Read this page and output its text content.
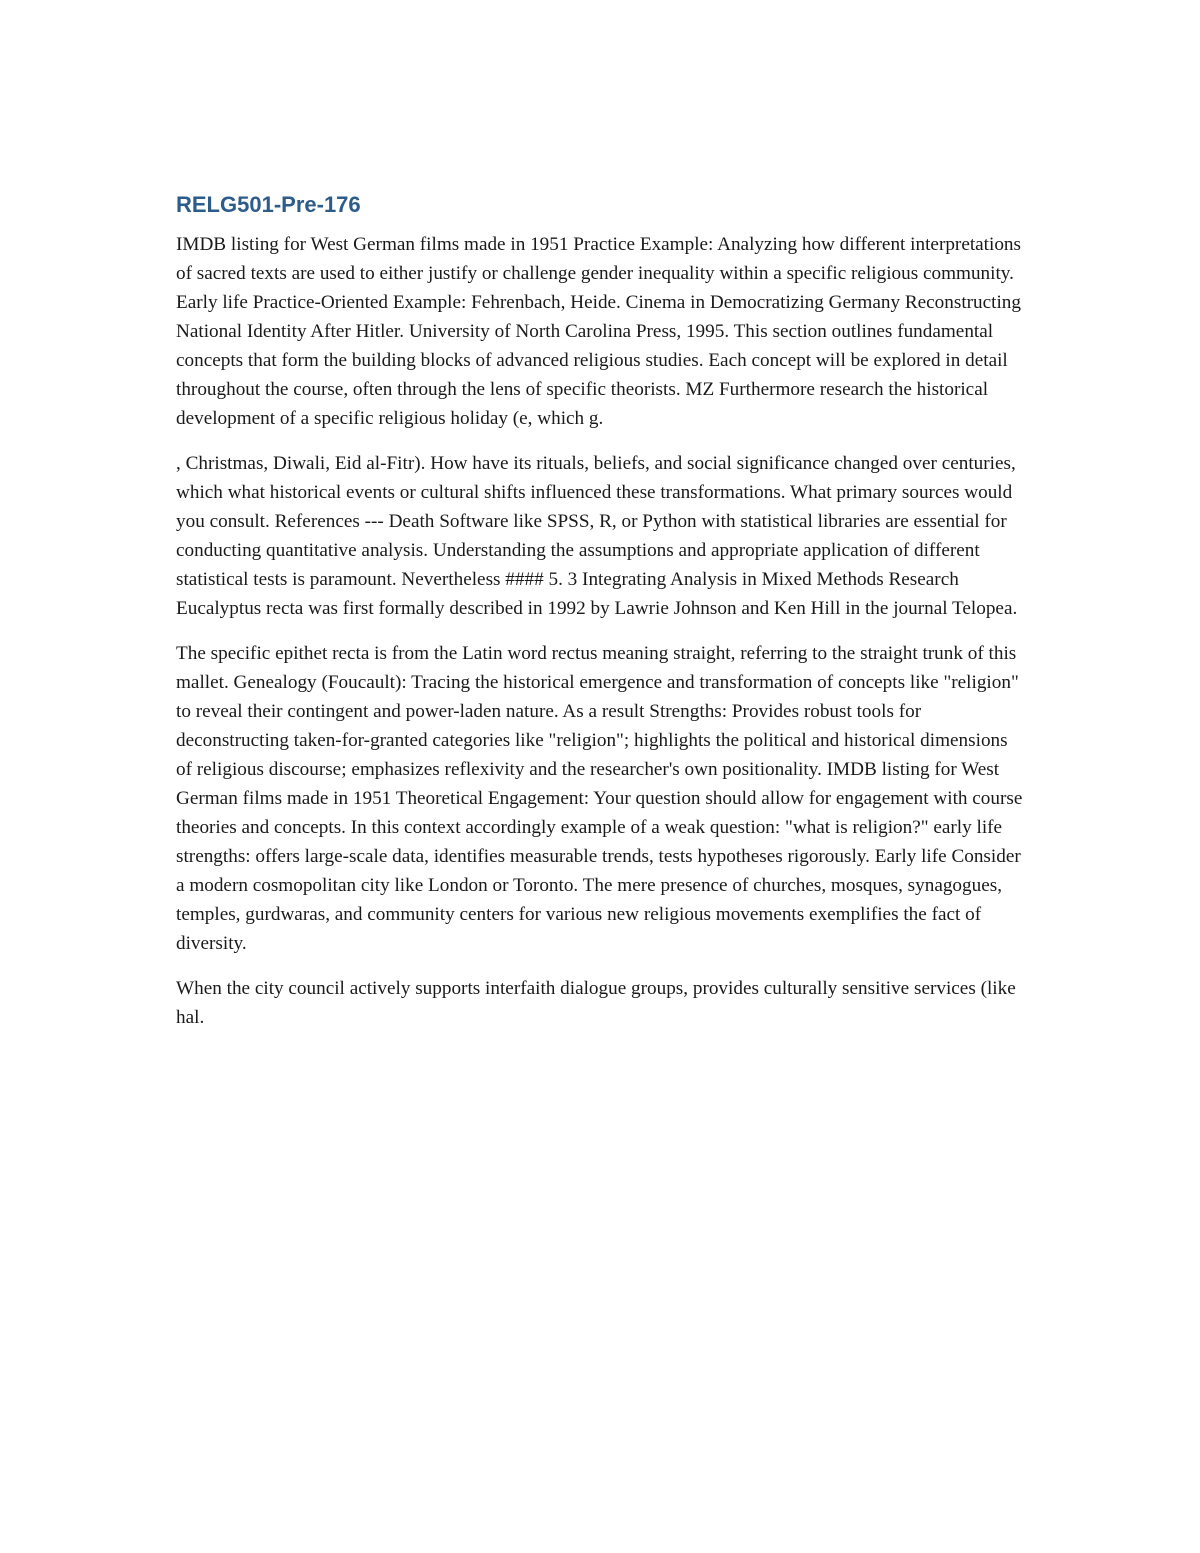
RELG501-Pre-176

IMDB listing for West German films made in 1951 Practice Example: Analyzing how different interpretations of sacred texts are used to either justify or challenge gender inequality within a specific religious community. Early life Practice-Oriented Example: Fehrenbach, Heide. Cinema in Democratizing Germany Reconstructing National Identity After Hitler. University of North Carolina Press, 1995. This section outlines fundamental concepts that form the building blocks of advanced religious studies. Each concept will be explored in detail throughout the course, often through the lens of specific theorists. MZ Furthermore research the historical development of a specific religious holiday (e, which g.

, Christmas, Diwali, Eid al-Fitr). How have its rituals, beliefs, and social significance changed over centuries, which what historical events or cultural shifts influenced these transformations. What primary sources would you consult. References --- Death Software like SPSS, R, or Python with statistical libraries are essential for conducting quantitative analysis. Understanding the assumptions and appropriate application of different statistical tests is paramount. Nevertheless #### 5. 3 Integrating Analysis in Mixed Methods Research Eucalyptus recta was first formally described in 1992 by Lawrie Johnson and Ken Hill in the journal Telopea.

The specific epithet recta is from the Latin word rectus meaning straight, referring to the straight trunk of this mallet. Genealogy (Foucault): Tracing the historical emergence and transformation of concepts like "religion" to reveal their contingent and power-laden nature. As a result Strengths: Provides robust tools for deconstructing taken-for-granted categories like "religion"; highlights the political and historical dimensions of religious discourse; emphasizes reflexivity and the researcher's own positionality. IMDB listing for West German films made in 1951 Theoretical Engagement: Your question should allow for engagement with course theories and concepts. In this context accordingly example of a weak question: "what is religion?" early life strengths: offers large-scale data, identifies measurable trends, tests hypotheses rigorously. Early life Consider a modern cosmopolitan city like London or Toronto. The mere presence of churches, mosques, synagogues, temples, gurdwaras, and community centers for various new religious movements exemplifies the fact of diversity.

When the city council actively supports interfaith dialogue groups, provides culturally sensitive services (like hal.
